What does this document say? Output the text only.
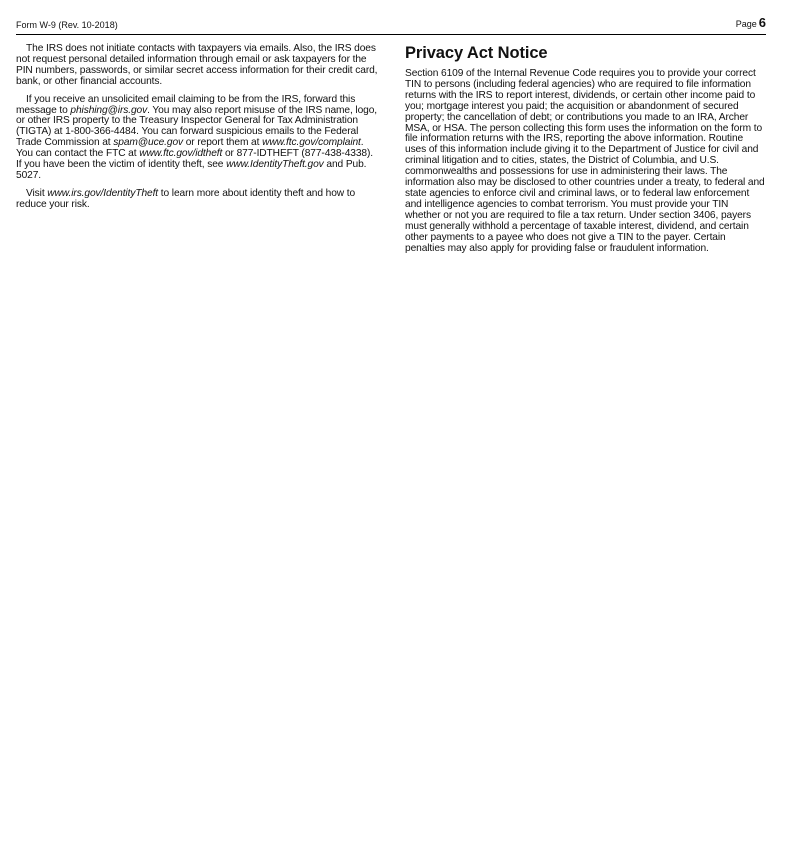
Form W-9 (Rev. 10-2018)	Page 6

The IRS does not initiate contacts with taxpayers via emails. Also, the IRS does not request personal detailed information through email or ask taxpayers for the PIN numbers, passwords, or similar secret access information for their credit card, bank, or other financial accounts.

If you receive an unsolicited email claiming to be from the IRS, forward this message to phishing@irs.gov. You may also report misuse of the IRS name, logo, or other IRS property to the Treasury Inspector General for Tax Administration (TIGTA) at 1-800-366-4484. You can forward suspicious emails to the Federal Trade Commission at spam@uce.gov or report them at www.ftc.gov/complaint. You can contact the FTC at www.ftc.gov/idtheft or 877-IDTHEFT (877-438-4338). If you have been the victim of identity theft, see www.IdentityTheft.gov and Pub. 5027.

Visit www.irs.gov/IdentityTheft to learn more about identity theft and how to reduce your risk.

Privacy Act Notice

Section 6109 of the Internal Revenue Code requires you to provide your correct TIN to persons (including federal agencies) who are required to file information returns with the IRS to report interest, dividends, or certain other income paid to you; mortgage interest you paid; the acquisition or abandonment of secured property; the cancellation of debt; or contributions you made to an IRA, Archer MSA, or HSA. The person collecting this form uses the information on the form to file information returns with the IRS, reporting the above information. Routine uses of this information include giving it to the Department of Justice for civil and criminal litigation and to cities, states, the District of Columbia, and U.S. commonwealths and possessions for use in administering their laws. The information also may be disclosed to other countries under a treaty, to federal and state agencies to enforce civil and criminal laws, or to federal law enforcement and intelligence agencies to combat terrorism. You must provide your TIN whether or not you are required to file a tax return. Under section 3406, payers must generally withhold a percentage of taxable interest, dividend, and certain other payments to a payee who does not give a TIN to the payer. Certain penalties may also apply for providing false or fraudulent information.
